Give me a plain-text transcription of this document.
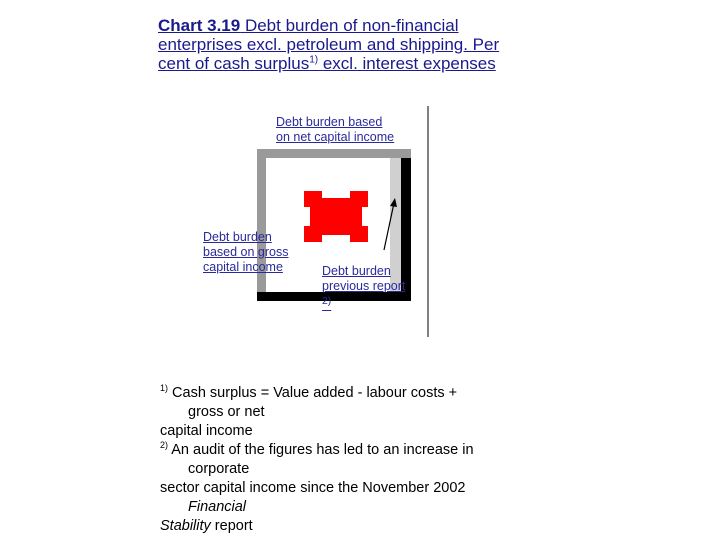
Chart 3.19 Debt burden of non-financial enterprises excl. petroleum and shipping. Per cent of cash surplus$^{1)}$ excl. interest expenses

Debt burden based on net capital income

Debt burden based on gross capital income	Debt burden previous report
$^{2)}$

$^{1)}$ Cash surplus = Value added - labour costs +

gross or net

capital income

$^{2)}$ An audit of the figures has led to an increase in

corporate

sector capital income since the November 2002

Financial

Stability report
